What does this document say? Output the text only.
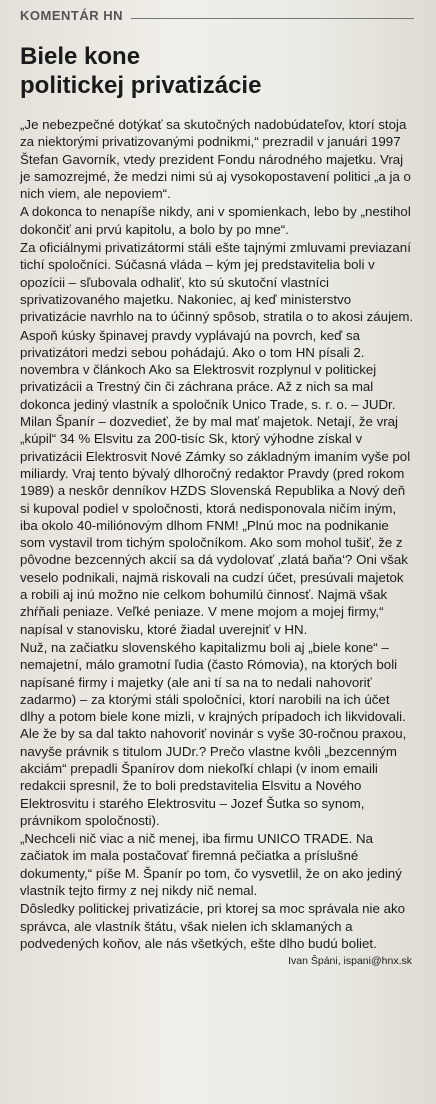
KOMENTÁR HN
Biele kone
politickej privatizácie

„Je nebezpečné dotýkať sa skutočných nadobúdateľov, ktorí stoja za niektorými privatizovanými podnikmi,“ prezradil v januári 1997 Štefan Gavorník, vtedy prezident Fondu národného majetku. Vraj je samozrejmé, že medzi nimi sú aj vysokopostavení politici „a ja o nich viem, ale nepoviem“.

A dokonca to nenapíše nikdy, ani v spomienkach, lebo by „nestihol dokončiť ani prvú kapitolu, a bolo by po mne“.

Za oficiálnymi privatizátormi stáli ešte tajnými zmluvami previazaní tichí spoločníci. Súčasná vláda – kým jej predstavitelia boli v opozícii – sľubovala odhaliť, kto sú skutoční vlastníci sprivatizovaného majetku. Nakoniec, aj keď ministerstvo privatizácie navrhlo na to účinný spôsob, stratila o to akosi záujem.

Aspoň kúsky špinavej pravdy vyplávajú na povrch, keď sa privatizátori medzi sebou pohádajú. Ako o tom HN písali 2. novembra v článkoch Ako sa Elektrosvit rozplynul v politickej privatizácii a Trestný čin či záchrana práce. Až z nich sa mal dokonca jediný vlastník a spoločník Unico Trade, s. r. o. – JUDr. Milan Španír – dozvedieť, že by mal mať majetok. Netají, že vraj „kúpil“ 34 % Elsvitu za 200-tisíc Sk, ktorý výhodne získal v privatizácii Elektrosvit Nové Zámky so základným imaním vyše pol miliardy. Vraj tento bývalý dlhoročný redaktor Pravdy (pred rokom 1989) a neskôr denníkov HZDS Slovenská Republika a Nový deň si kupoval podiel v spoločnosti, ktorá nedisponovala ničím iným, iba okolo 40-miliónovým dlhom FNM! „Plnú moc na podnikanie som vystavil trom tichým spoločníkom. Ako som mohol tušiť, že z pôvodne bezcenných akcií sa dá vydolovať ‚zlatá baňa‘? Oni však veselo podnikali, najmä riskovali na cudzí účet, presúvali majetok a robili aj inú možno nie celkom bohumilú činnosť. Najmä však zhŕňali peniaze. Veľké peniaze. V mene mojom a mojej firmy,“ napísal v stanovisku, ktoré žiadal uverejniť v HN.

Nuž, na začiatku slovenského kapitalizmu boli aj „biele kone“ – nemajetní, málo gramotní ľudia (často Rómovia), na ktorých boli napísané firmy i majetky (ale ani tí sa na to nedali nahovoriť zadarmo) – za ktorými stáli spoločníci, ktorí narobili na ich účet dlhy a potom biele kone mizli, v krajných prípadoch ich likvidovali. Ale že by sa dal takto nahovoriť novinár s vyše 30-ročnou praxou, navyše právnik s titulom JUDr.? Prečo vlastne kvôli „bezcenným akciám“ prepadli Španírov dom niekoľkí chlapi (v inom emaili redakcii spresnil, že to boli predstavitelia Elsvitu a Nového Elektrosvitu i starého Elektrosvitu – Jozef Šutka so synom, právnikom spoločnosti).

„Nechceli nič viac a nič menej, iba firmu UNICO TRADE. Na začiatok im mala postačovať firemná pečiatka a príslušné dokumenty,“ píše M. Španír po tom, čo vysvetlil, že on ako jediný vlastník tejto firmy z nej nikdy nič nemal.

Dôsledky politickej privatizácie, pri ktorej sa moc správala nie ako správca, ale vlastník štátu, však nielen ich sklamaných a podvedených koňov, ale nás všetkých, ešte dlho budú boliet.

Ivan Špáni, ispani@hnx.sk
